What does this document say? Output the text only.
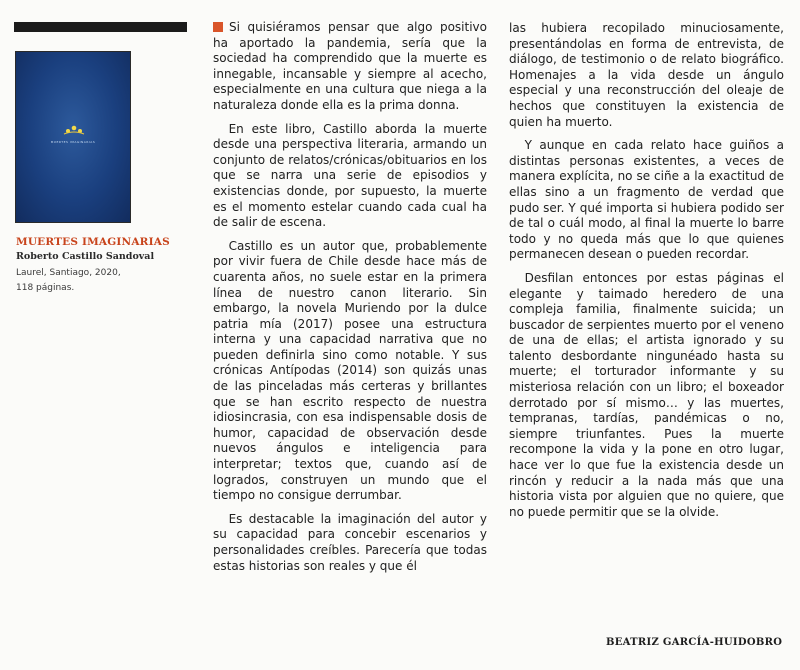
MUERTES IMAGINARIAS
MUERTES IMAGINARIAS
Roberto Castillo Sandoval
Laurel, Santiago, 2020,
118 páginas.

Si quisiéramos pensar que algo positivo ha aportado la pandemia, sería que la sociedad ha comprendido que la muerte es innegable, incansable y siempre al acecho, especialmente en una cultura que niega a la naturaleza donde ella es la prima donna.

En este libro, Castillo aborda la muerte desde una perspectiva literaria, armando un conjunto de relatos/crónicas/obituarios en los que se narra una serie de episodios y existencias donde, por supuesto, la muerte es el momento estelar cuando cada cual ha de salir de escena.

Castillo es un autor que, probablemente por vivir fuera de Chile desde hace más de cuarenta años, no suele estar en la primera línea de nuestro canon literario. Sin embargo, la novela Muriendo por la dulce patria mía (2017) posee una estructura interna y una capacidad narrativa que no pueden definirla sino como notable. Y sus crónicas Antípodas (2014) son quizás unas de las pinceladas más certeras y brillantes que se han escrito respecto de nuestra idiosincrasia, con esa indispensable dosis de humor, capacidad de observación desde nuevos ángulos e inteligencia para interpretar; textos que, cuando así de logrados, construyen un mundo que el tiempo no consigue derrumbar.

Es destacable la imaginación del autor y su capacidad para concebir escenarios y personalidades creíbles. Parecería que todas estas historias son reales y que él

las hubiera recopilado minuciosamente, presentándolas en forma de entrevista, de diálogo, de testimonio o de relato biográfico. Homenajes a la vida desde un ángulo especial y una reconstrucción del oleaje de hechos que constituyen la existencia de quien ha muerto.

Y aunque en cada relato hace guiños a distintas personas existentes, a veces de manera explícita, no se ciñe a la exactitud de ellas sino a un fragmento de verdad que pudo ser. Y qué importa si hubiera podido ser de tal o cuál modo, al final la muerte lo barre todo y no queda más que lo que quienes permanecen desean o pueden recordar.

Desfilan entonces por estas páginas el elegante y taimado heredero de una compleja familia, finalmente suicida; un buscador de serpientes muerto por el veneno de una de ellas; el artista ignorado y su talento desbordante ningunéado hasta su muerte; el torturador informante y su misteriosa relación con un libro; el boxeador derrotado por sí mismo… y las muertes, tempranas, tardías, pandémicas o no, siempre triunfantes. Pues la muerte recompone la vida y la pone en otro lugar, hace ver lo que fue la existencia desde un rincón y reducir a la nada más que una historia vista por alguien que no quiere, que no puede permitir que se la olvide.

BEATRIZ GARCÍA-HUIDOBRO
